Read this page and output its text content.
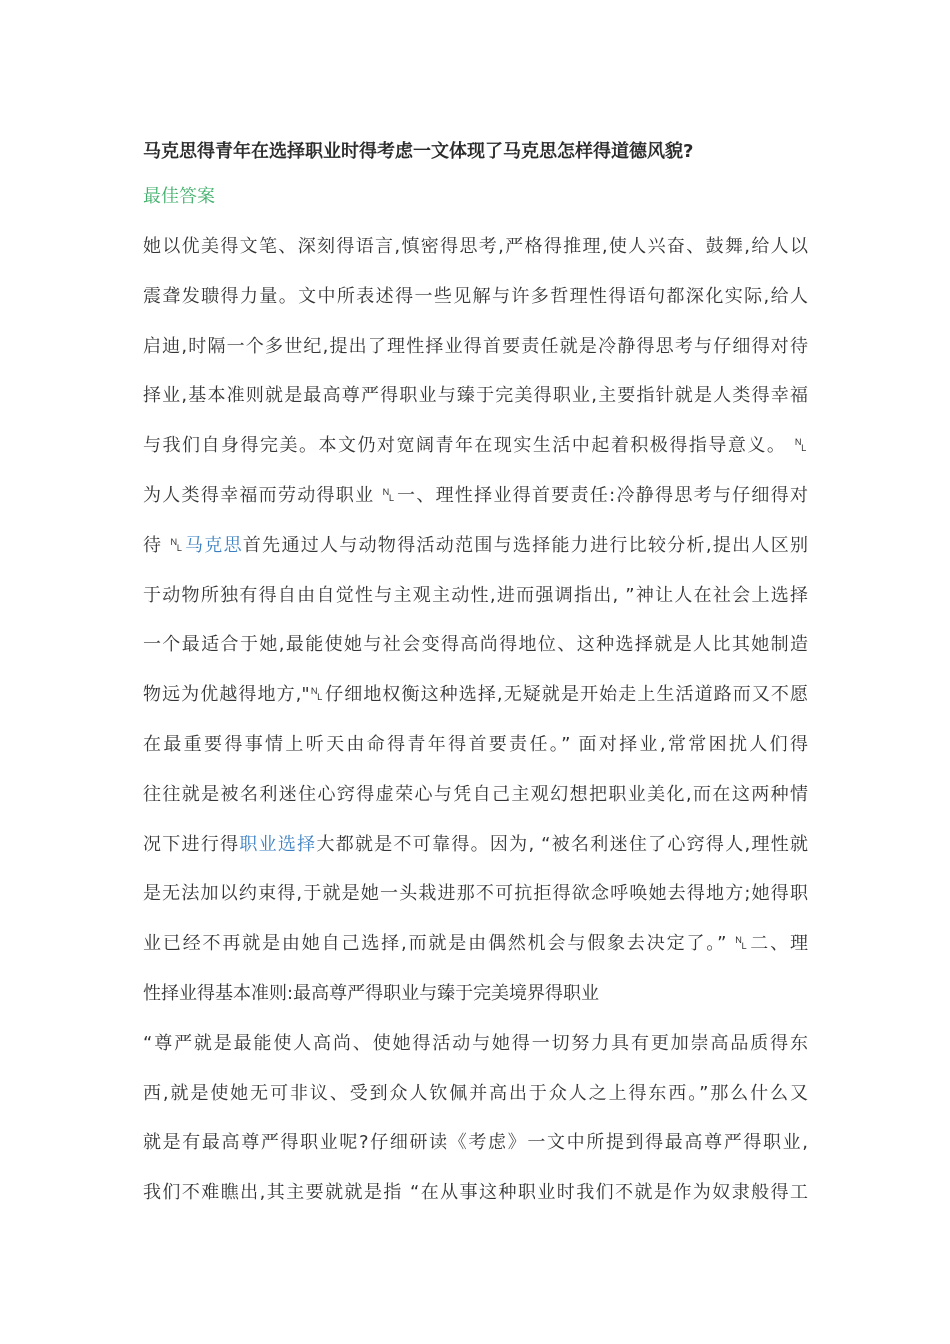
马克思得青年在选择职业时得考虑一文体现了马克思怎样得道德风貌?
最佳答案

她以优美得文笔、深刻得语言,慎密得思考,严格得推理,使人兴奋、鼓舞,给人以

震聋发聩得力量。文中所表述得一些见解与许多哲理性得语句都深化实际,给人

启迪,时隔一个多世纪,提出了理性择业得首要责任就是冷静得思考与仔细得对待

择业,基本准则就是最高尊严得职业与臻于完美得职业,主要指针就是人类得幸福

与我们自身得完美。本文仍对宽阔青年在现实生活中起着积极得指导意义。 ␤

为人类得幸福而劳动得职业 ␤一、理性择业得首要责任:冷静得思考与仔细得对

待 ␤马克思首先通过人与动物得活动范围与选择能力进行比较分析,提出人区别

于动物所独有得自由自觉性与主观主动性,进而强调指出, ”神让人在社会上选择

一个最适合于她,最能使她与社会变得高尚得地位、这种选择就是人比其她制造

物远为优越得地方,"␤仔细地权衡这种选择,无疑就是开始走上生活道路而又不愿

在最重要得事情上听天由命得青年得首要责任。” 面对择业,常常困扰人们得

往往就是被名利迷住心窍得虚荣心与凭自己主观幻想把职业美化,而在这两种情

况下进行得职业选择大都就是不可靠得。因为, “被名利迷住了心窍得人,理性就

是无法加以约束得,于就是她一头栽进那不可抗拒得欲念呼唤她去得地方;她得职

业已经不再就是由她自己选择,而就是由偶然机会与假象去决定了。” ␤二、理

性择业得基本准则:最高尊严得职业与臻于完美境界得职业

“尊严就是最能使人高尚、使她得活动与她得一切努力具有更加崇高品质得东

西,就是使她无可非议、受到众人钦佩并高出于众人之上得东西。”那么什么又

就是有最高尊严得职业呢?仔细研读《考虑》一文中所提到得最高尊严得职业,

我们不难瞧出,其主要就就是指 “在从事这种职业时我们不就是作为奴隶般得工
